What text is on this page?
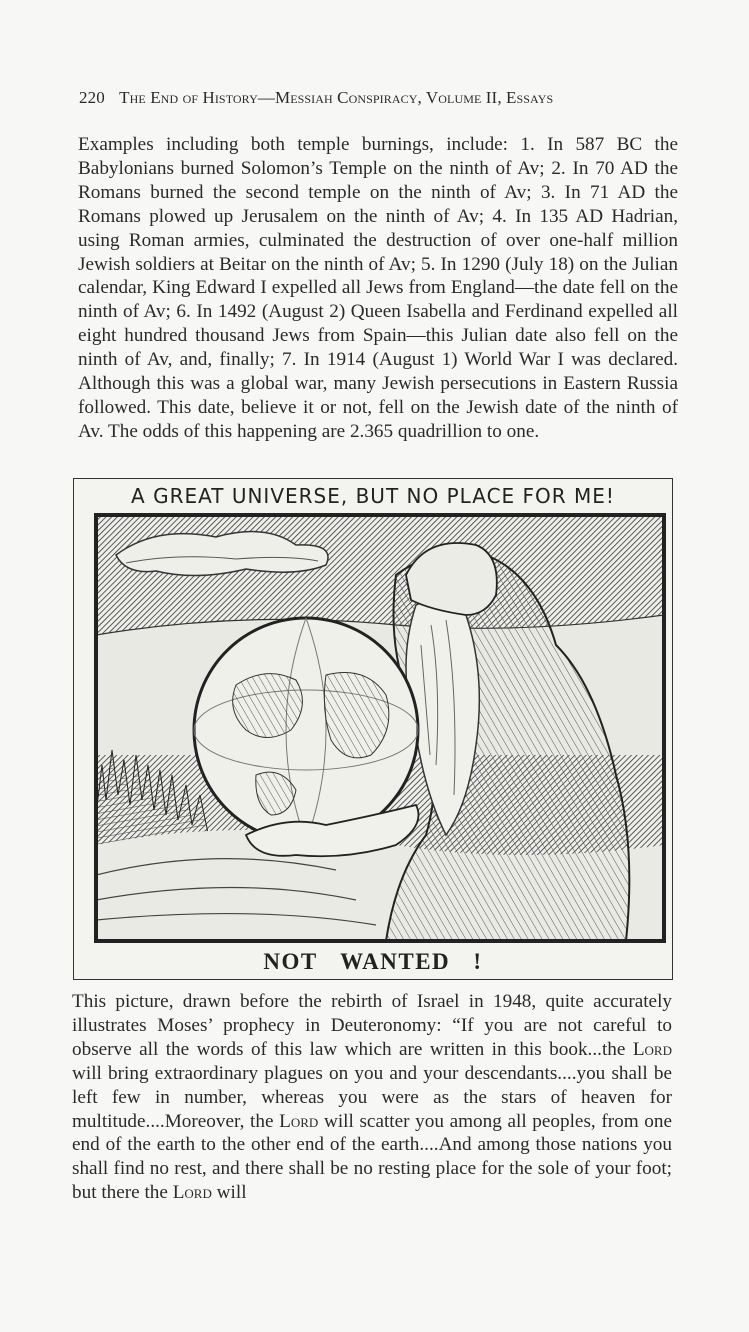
220 The End of History—Messiah Conspiracy, Volume II, Essays

Examples including both temple burnings, include: 1. In 587 BC the Babylonians burned Solomon’s Temple on the ninth of Av; 2. In 70 AD the Romans burned the second temple on the ninth of Av; 3. In 71 AD the Romans plowed up Jerusalem on the ninth of Av; 4. In 135 AD Hadrian, using Roman armies, culminated the destruction of over one-half million Jewish soldiers at Beitar on the ninth of Av; 5. In 1290 (July 18) on the Julian calendar, King Edward I expelled all Jews from England—the date fell on the ninth of Av; 6. In 1492 (August 2) Queen Isabella and Ferdinand expelled all eight hundred thousand Jews from Spain—this Julian date also fell on the ninth of Av, and, finally; 7. In 1914 (August 1) World War I was declared. Although this was a global war, many Jewish persecutions in Eastern Russia followed. This date, believe it or not, fell on the Jewish date of the ninth of Av. The odds of this happening are 2.365 quadrillion to one.

A GREAT UNIVERSE, BUT NO PLACE FOR ME!
NOT WANTED !

This picture, drawn before the rebirth of Israel in 1948, quite accurately illustrates Moses’ prophecy in Deuteronomy: “If you are not careful to observe all the words of this law which are written in this book...the Lord will bring extraordinary plagues on you and your descendants....you shall be left few in number, whereas you were as the stars of heaven for multitude....Moreover, the Lord will scatter you among all peoples, from one end of the earth to the other end of the earth....And among those nations you shall find no rest, and there shall be no resting place for the sole of your foot; but there the Lord will
